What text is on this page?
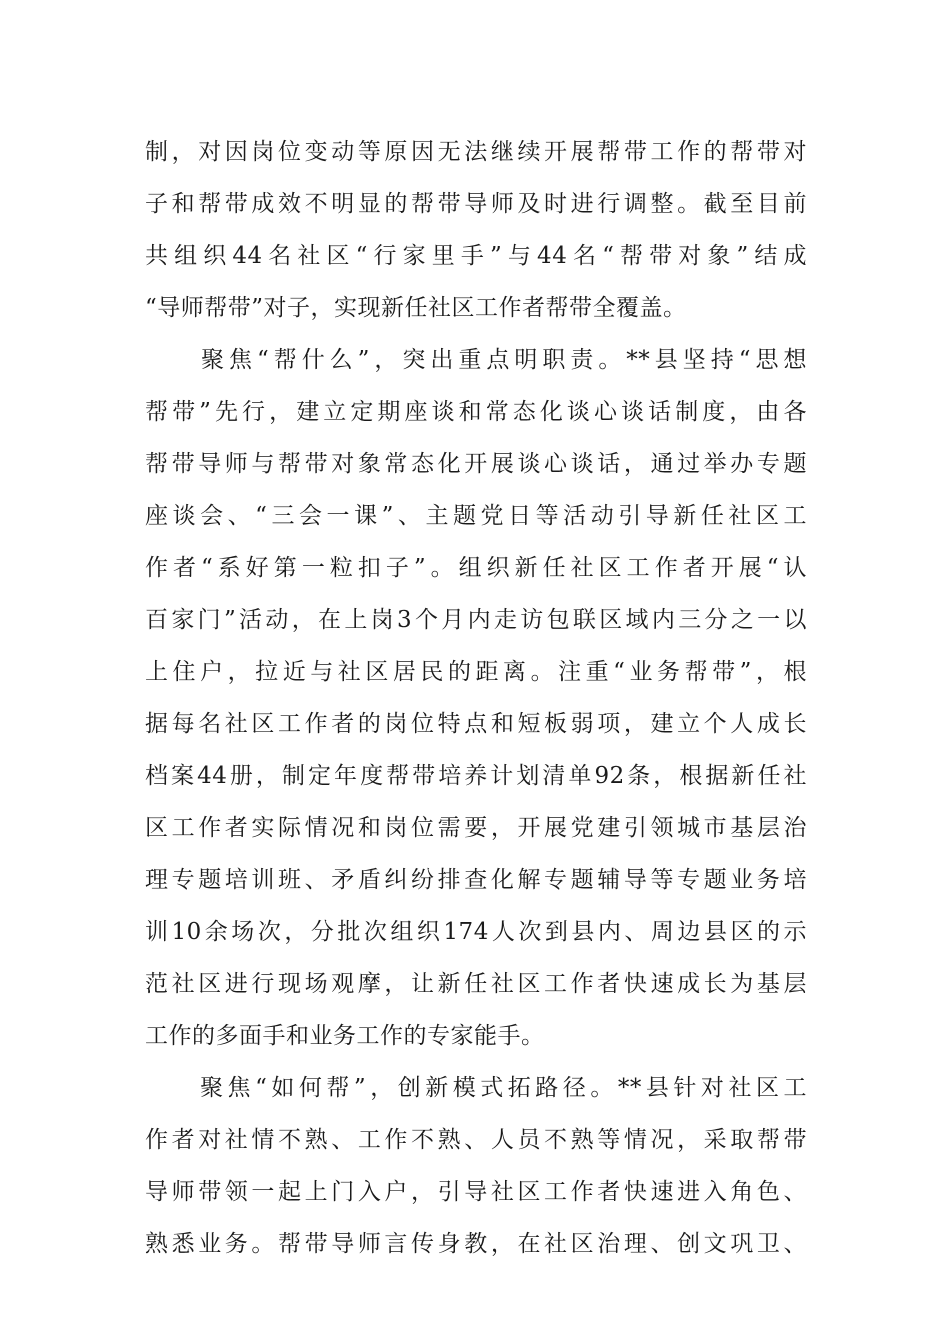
制，对因岗位变动等原因无法继续开展帮带工作的帮带对
子和帮带成效不明显的帮带导师及时进行调整。截至目前
共组织44名社区“行家里手”与44名“帮带对象”结成
“导师帮带”对子，实现新任社区工作者帮带全覆盖。
　　聚焦“帮什么”，突出重点明职责。**县坚持“思想
帮带”先行，建立定期座谈和常态化谈心谈话制度，由各
帮带导师与帮带对象常态化开展谈心谈话，通过举办专题
座谈会、“三会一课”、主题党日等活动引导新任社区工
作者“系好第一粒扣子”。组织新任社区工作者开展“认
百家门”活动，在上岗3个月内走访包联区域内三分之一以
上住户，拉近与社区居民的距离。注重“业务帮带”，根
据每名社区工作者的岗位特点和短板弱项，建立个人成长
档案44册，制定年度帮带培养计划清单92条，根据新任社
区工作者实际情况和岗位需要，开展党建引领城市基层治
理专题培训班、矛盾纠纷排查化解专题辅导等专题业务培
训10余场次，分批次组织174人次到县内、周边县区的示
范社区进行现场观摩，让新任社区工作者快速成长为基层
工作的多面手和业务工作的专家能手。
　　聚焦“如何帮”，创新模式拓路径。**县针对社区工
作者对社情不熟、工作不熟、人员不熟等情况，采取帮带
导师带领一起上门入户，引导社区工作者快速进入角色、
熟悉业务。帮带导师言传身教，在社区治理、创文巩卫、
